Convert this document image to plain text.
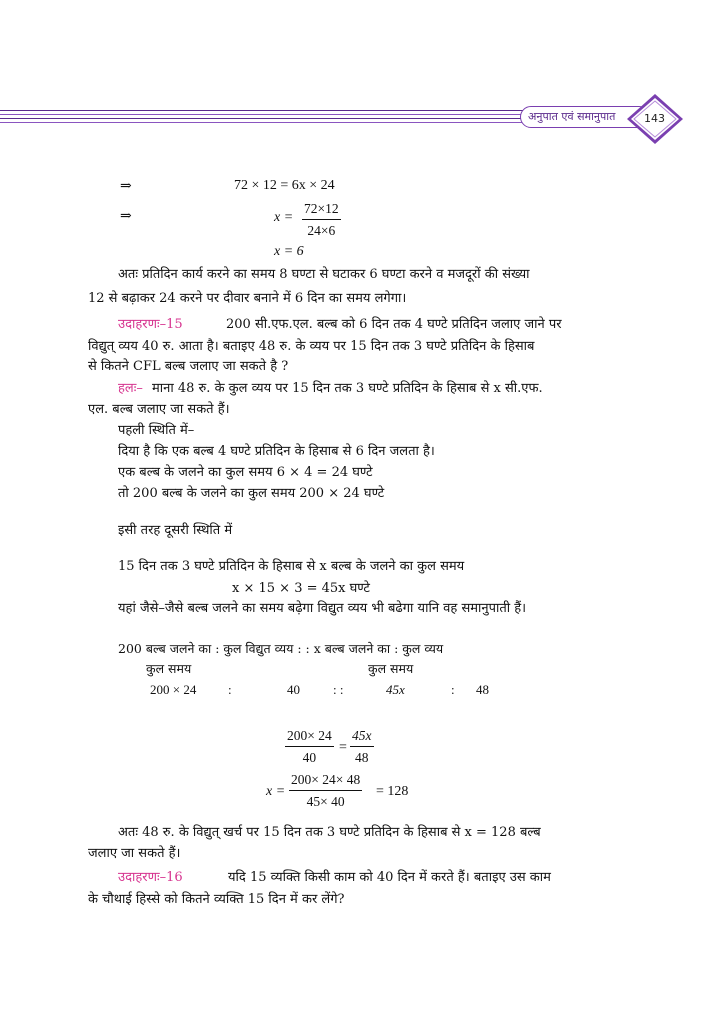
अनुपात एवं समानुपात	143
⇒	72 × 12 = 6x × 24
⇒	$x = \frac{72\times 12}{24\times 6}$
x = 6
अतः प्रतिदिन कार्य करने का समय 8 घण्टा से घटाकर 6 घण्टा करने व मजदूरों की संख्या
12 से बढ़ाकर 24 करने पर दीवार बनाने में 6 दिन का समय लगेगा।
उदाहरणः–15	200 सी.एफ.एल. बल्ब को 6 दिन तक 4 घण्टे प्रतिदिन जलाए जाने पर
विद्युत् व्यय 40 रु. आता है। बताइए 48 रु. के व्यय पर 15 दिन तक 3 घण्टे प्रतिदिन के हिसाब
से कितने CFL बल्ब जलाए जा सकते है ?
हलः– माना 48 रु. के कुल व्यय पर 15 दिन तक 3 घण्टे प्रतिदिन के हिसाब से x सी.एफ.
एल. बल्ब जलाए जा सकते हैं।
पहली स्थिति में–
दिया है कि एक बल्ब 4 घण्टे प्रतिदिन के हिसाब से 6 दिन जलता है।
एक बल्ब के जलने का कुल समय 6 × 4 = 24 घण्टे
तो 200 बल्ब के जलने का कुल समय 200 × 24 घण्टे
इसी तरह दूसरी स्थिति में
15 दिन तक 3 घण्टे प्रतिदिन के हिसाब से x बल्ब के जलने का कुल समय
x × 15 × 3 = 45x घण्टे
यहां जैसे–जैसे बल्ब जलने का समय बढ़ेगा विद्युत व्यय भी बढेगा यानि वह समानुपाती हैं।
200 बल्ब जलने का : कुल विद्युत व्यय : : x बल्ब जलने का : कुल व्यय
कुल समय	कुल समय
200 × 24 :	40	: :	45x	: 48
$\frac{200\times 24}{40} = \frac{45x}{48}$
$x = \frac{200\times 24\times 48}{45\times 40} = 128$
अतः 48 रु. के विद्युत् खर्च पर 15 दिन तक 3 घण्टे प्रतिदिन के हिसाब से x = 128 बल्ब
जलाए जा सकते हैं।
उदाहरणः–16	यदि 15 व्यक्ति किसी काम को 40 दिन में करते हैं। बताइए उस काम
के चौथाई हिस्से को कितने व्यक्ति 15 दिन में कर लेंगे?
